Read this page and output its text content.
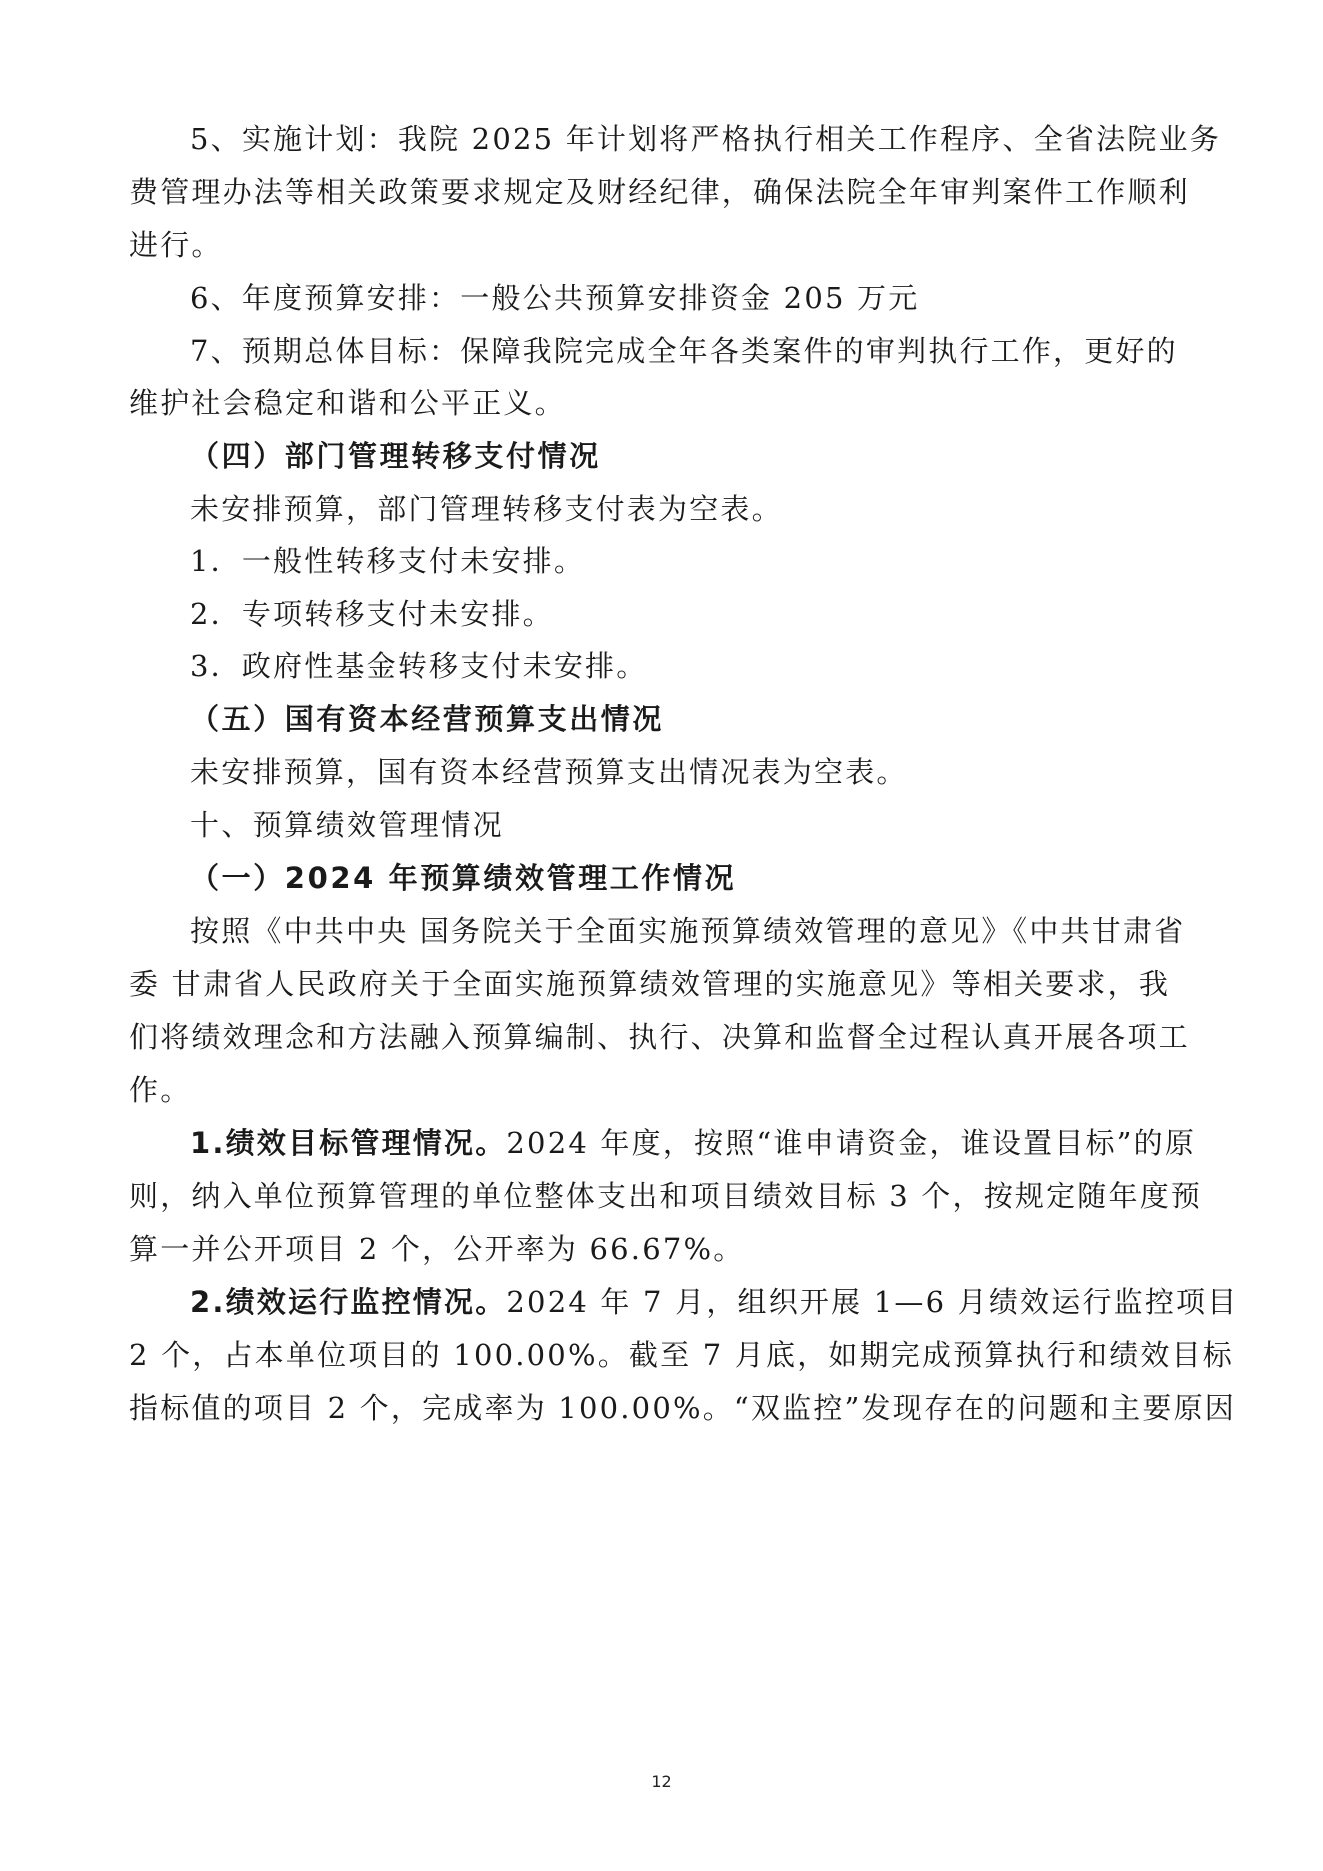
5、实施计划：我院 2025 年计划将严格执行相关工作程序、全省法院业务
费管理办法等相关政策要求规定及财经纪律，确保法院全年审判案件工作顺利
进行。
6、年度预算安排：一般公共预算安排资金 205 万元
7、预期总体目标：保障我院完成全年各类案件的审判执行工作，更好的
维护社会稳定和谐和公平正义。
（四）部门管理转移支付情况
未安排预算，部门管理转移支付表为空表。
1．一般性转移支付未安排。
2．专项转移支付未安排。
3．政府性基金转移支付未安排。
（五）国有资本经营预算支出情况
未安排预算，国有资本经营预算支出情况表为空表。
十、预算绩效管理情况
（一）2024 年预算绩效管理工作情况
按照《中共中央 国务院关于全面实施预算绩效管理的意见》《中共甘肃省
委 甘肃省人民政府关于全面实施预算绩效管理的实施意见》等相关要求，我
们将绩效理念和方法融入预算编制、执行、决算和监督全过程认真开展各项工
作。
1.绩效目标管理情况。2024 年度，按照“谁申请资金，谁设置目标”的原
则，纳入单位预算管理的单位整体支出和项目绩效目标 3 个，按规定随年度预
算一并公开项目 2 个，公开率为 66.67%。
2.绩效运行监控情况。2024 年 7 月，组织开展 1—6 月绩效运行监控项目
2 个，占本单位项目的 100.00%。截至 7 月底，如期完成预算执行和绩效目标
指标值的项目 2 个，完成率为 100.00%。“双监控”发现存在的问题和主要原因
12
